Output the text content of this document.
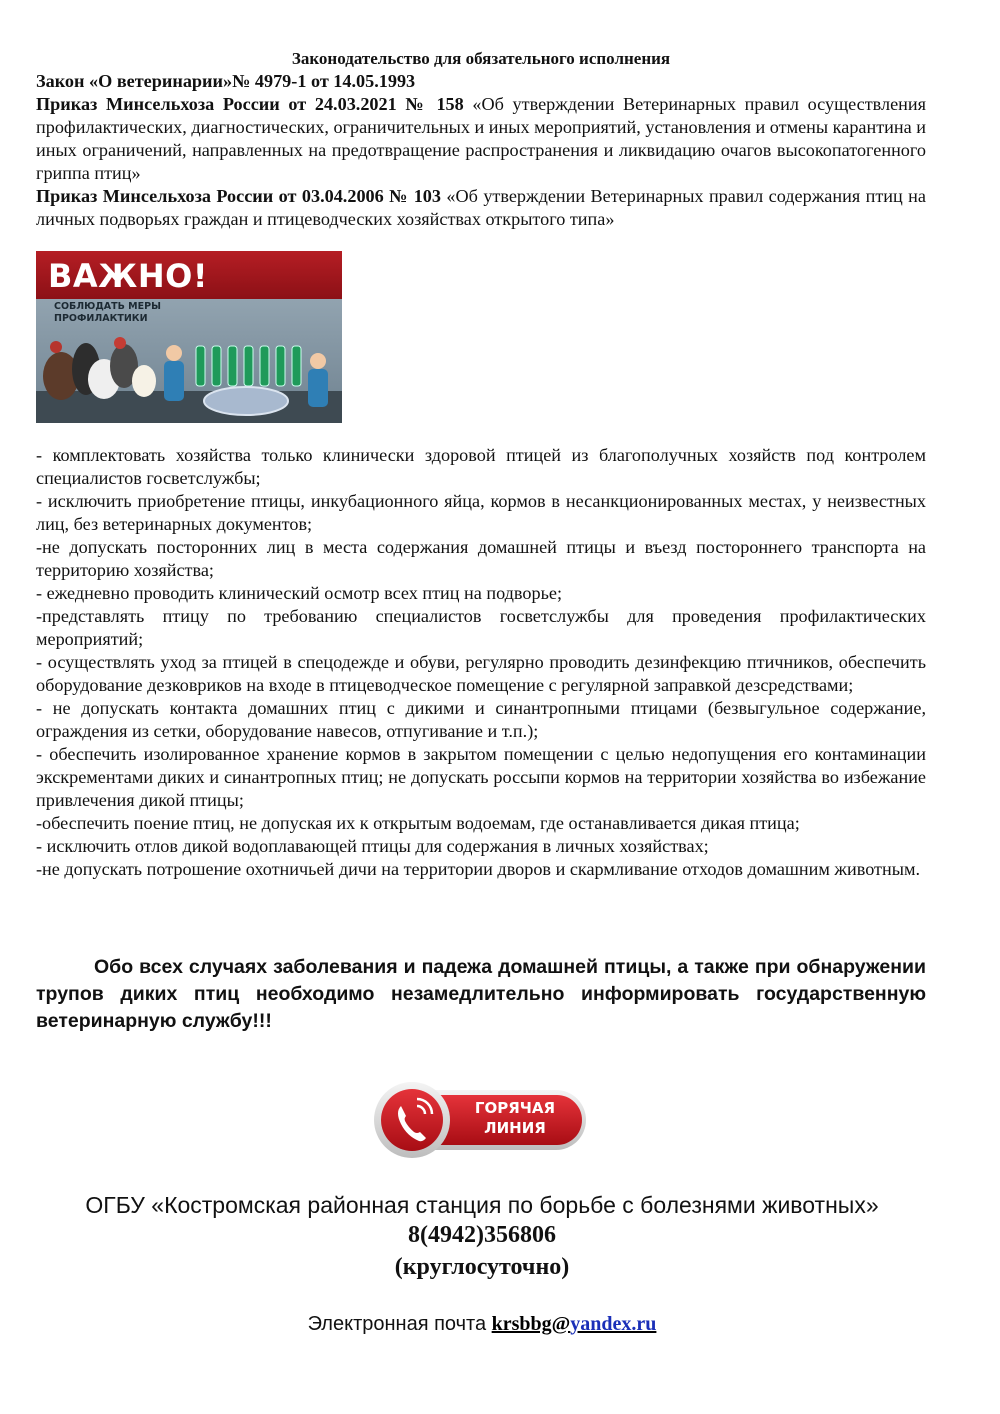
Законодательство для обязательного исполнения

Закон «О ветеринарии»№ 4979-1 от 14.05.1993

Приказ Минсельхоза России от 24.03.2021 № 158 «Об утверждении Ветеринарных правил осуществления профилактических, диагностических, ограничительных и иных мероприятий, установления и отмены карантина и иных ограничений, направленных на предотвращение распространения и ликвидацию очагов высокопатогенного гриппа птиц»

Приказ Минсельхоза России от 03.04.2006 № 103 «Об утверждении Ветеринарных правил содержания птиц на личных подворьях граждан и птицеводческих хозяйствах открытого типа»

ВАЖНО!
СОБЛЮДАТЬ МЕРЫ ПРОФИЛАКТИКИ

- комплектовать хозяйства только клинически здоровой птицей из благополучных хозяйств под контролем специалистов госветслужбы;

- исключить приобретение птицы, инкубационного яйца, кормов в несанкционированных местах, у неизвестных лиц, без ветеринарных документов;

-не допускать посторонних лиц в места содержания домашней птицы и въезд постороннего транспорта на территорию хозяйства;

- ежедневно проводить клинический осмотр всех птиц на подворье;

-представлять птицу по требованию специалистов госветслужбы для проведения профилактических мероприятий;

- осуществлять уход за птицей в спецодежде и обуви, регулярно проводить дезинфекцию птичников, обеспечить оборудование дезковриков на входе в птицеводческое помещение с регулярной заправкой дезсредствами;

- не допускать контакта домашних птиц с дикими и синантропными птицами (безвыгульное содержание, ограждения из сетки, оборудование навесов, отпугивание и т.п.);

- обеспечить изолированное хранение кормов в закрытом помещении с целью недопущения его контаминации экскрементами диких и синантропных птиц; не допускать россыпи кормов на территории хозяйства во избежание привлечения дикой птицы;

-обеспечить поение птиц, не допуская их к открытым водоемам, где останавливается дикая птица;

- исключить отлов дикой водоплавающей птицы для содержания в личных хозяйствах;

-не допускать потрошение охотничьей дичи на территории дворов и скармливание отходов домашним животным.

Обо всех случаях заболевания и падежа домашней птицы, а также при обнаружении трупов диких птиц необходимо незамедлительно информировать государственную ветеринарную службу!!!

ГОРЯЧАЯ
ЛИНИЯ
ОГБУ «Костромская районная станция по борьбе с болезнями животных»
8(4942)356806
(круглосуточно)
Электронная почта krsbbg@yandex.ru
